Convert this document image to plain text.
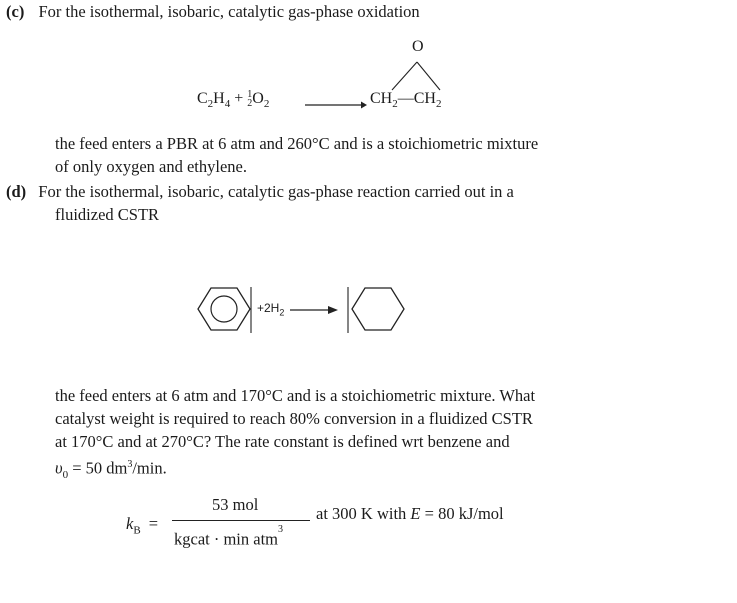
(c) For the isothermal, isobaric, catalytic gas-phase oxidation
$C_2H_4 + 1$
$2O_2$	$CH_2—CH_2$
O
the feed enters a PBR at 6 atm and 260°C and is a stoichiometric mixture
of only oxygen and ethylene.
(d) For the isothermal, isobaric, catalytic gas-phase reaction carried out in a
fluidized CSTR
$+2H_2$
the feed enters at 6 atm and 170°C and is a stoichiometric mixture. What
catalyst weight is required to reach 80% conversion in a fluidized CSTR
at 170°C and at 270°C? The rate constant is defined wrt benzene and
$\upsilon_0 = 50$ $dm^3/\min$.
$k_B$ =
53 mol
kgcat · min atm$^3$
at 300 K with E = 80 kJ/mol
